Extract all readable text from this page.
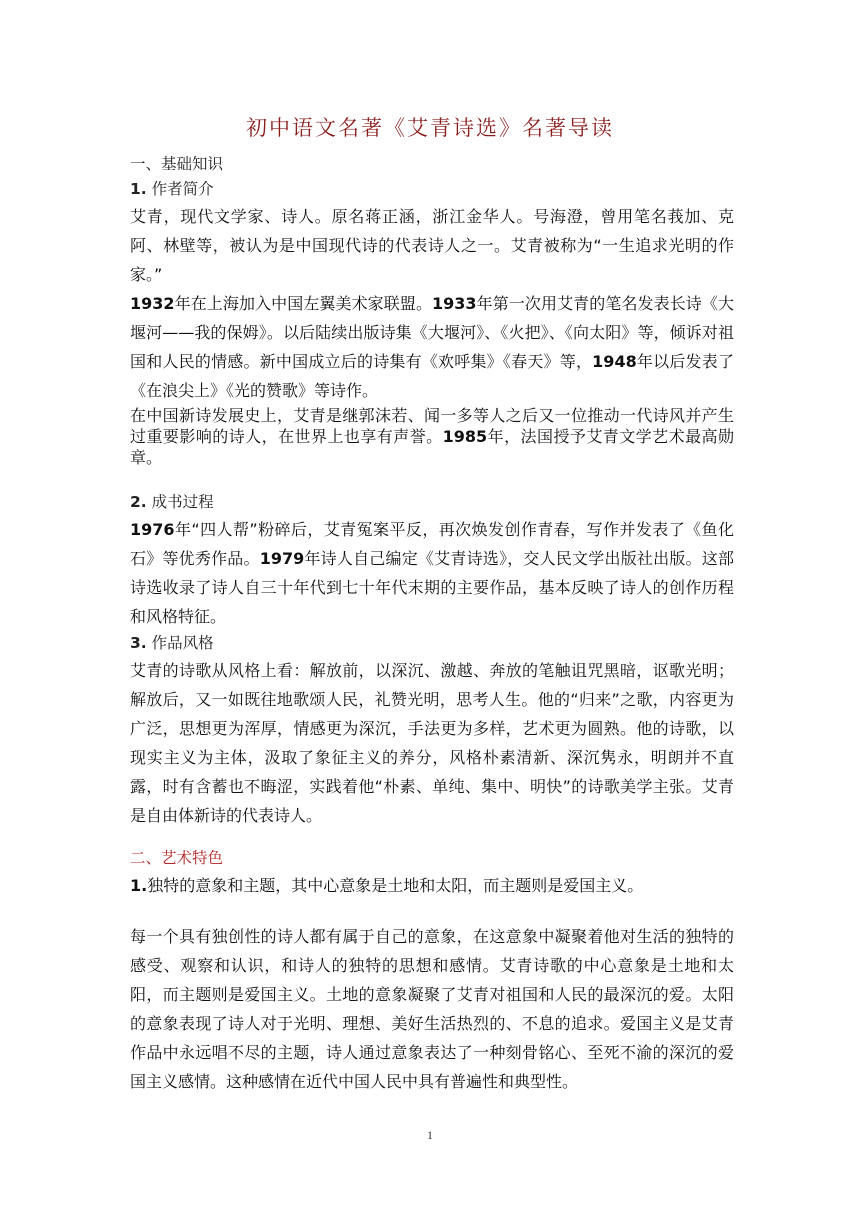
初中语文名著《艾青诗选》名著导读
一、基础知识
1. 作者简介

艾青，现代文学家、诗人。原名蒋正涵，浙江金华人。号海澄，曾用笔名莪加、克阿、林壁等，被认为是中国现代诗的代表诗人之一。艾青被称为“一生追求光明的作家。”

1932年在上海加入中国左翼美术家联盟。1933年第一次用艾青的笔名发表长诗《大堰河——我的保姆》。以后陆续出版诗集《大堰河》、《火把》、《向太阳》等，倾诉对祖国和人民的情感。新中国成立后的诗集有《欢呼集》《春天》等，1948年以后发表了《在浪尖上》《光的赞歌》等诗作。

在中国新诗发展史上，艾青是继郭沫若、闻一多等人之后又一位推动一代诗风并产生过重要影响的诗人，在世界上也享有声誉。1985年，法国授予艾青文学艺术最高勋章。

2. 成书过程

1976年“四人帮”粉碎后，艾青冤案平反，再次焕发创作青春，写作并发表了《鱼化石》等优秀作品。1979年诗人自己编定《艾青诗选》，交人民文学出版社出版。这部诗选收录了诗人自三十年代到七十年代末期的主要作品，基本反映了诗人的创作历程和风格特征。

3. 作品风格

艾青的诗歌从风格上看：解放前，以深沉、激越、奔放的笔触诅咒黑暗，讴歌光明；解放后，又一如既往地歌颂人民，礼赞光明，思考人生。他的“归来”之歌，内容更为广泛，思想更为浑厚，情感更为深沉，手法更为多样，艺术更为圆熟。他的诗歌，以现实主义为主体，汲取了象征主义的养分，风格朴素清新、深沉隽永，明朗并不直露，时有含蓄也不晦涩，实践着他“朴素、单纯、集中、明快”的诗歌美学主张。艾青是自由体新诗的代表诗人。

二、艺术特色
1.独特的意象和主题，其中心意象是土地和太阳，而主题则是爱国主义。

每一个具有独创性的诗人都有属于自己的意象，在这意象中凝聚着他对生活的独特的感受、观察和认识，和诗人的独特的思想和感情。艾青诗歌的中心意象是土地和太阳，而主题则是爱国主义。土地的意象凝聚了艾青对祖国和人民的最深沉的爱。太阳的意象表现了诗人对于光明、理想、美好生活热烈的、不息的追求。爱国主义是艾青作品中永远唱不尽的主题，诗人通过意象表达了一种刻骨铭心、至死不渝的深沉的爱国主义感情。这种感情在近代中国人民中具有普遍性和典型性。

1
